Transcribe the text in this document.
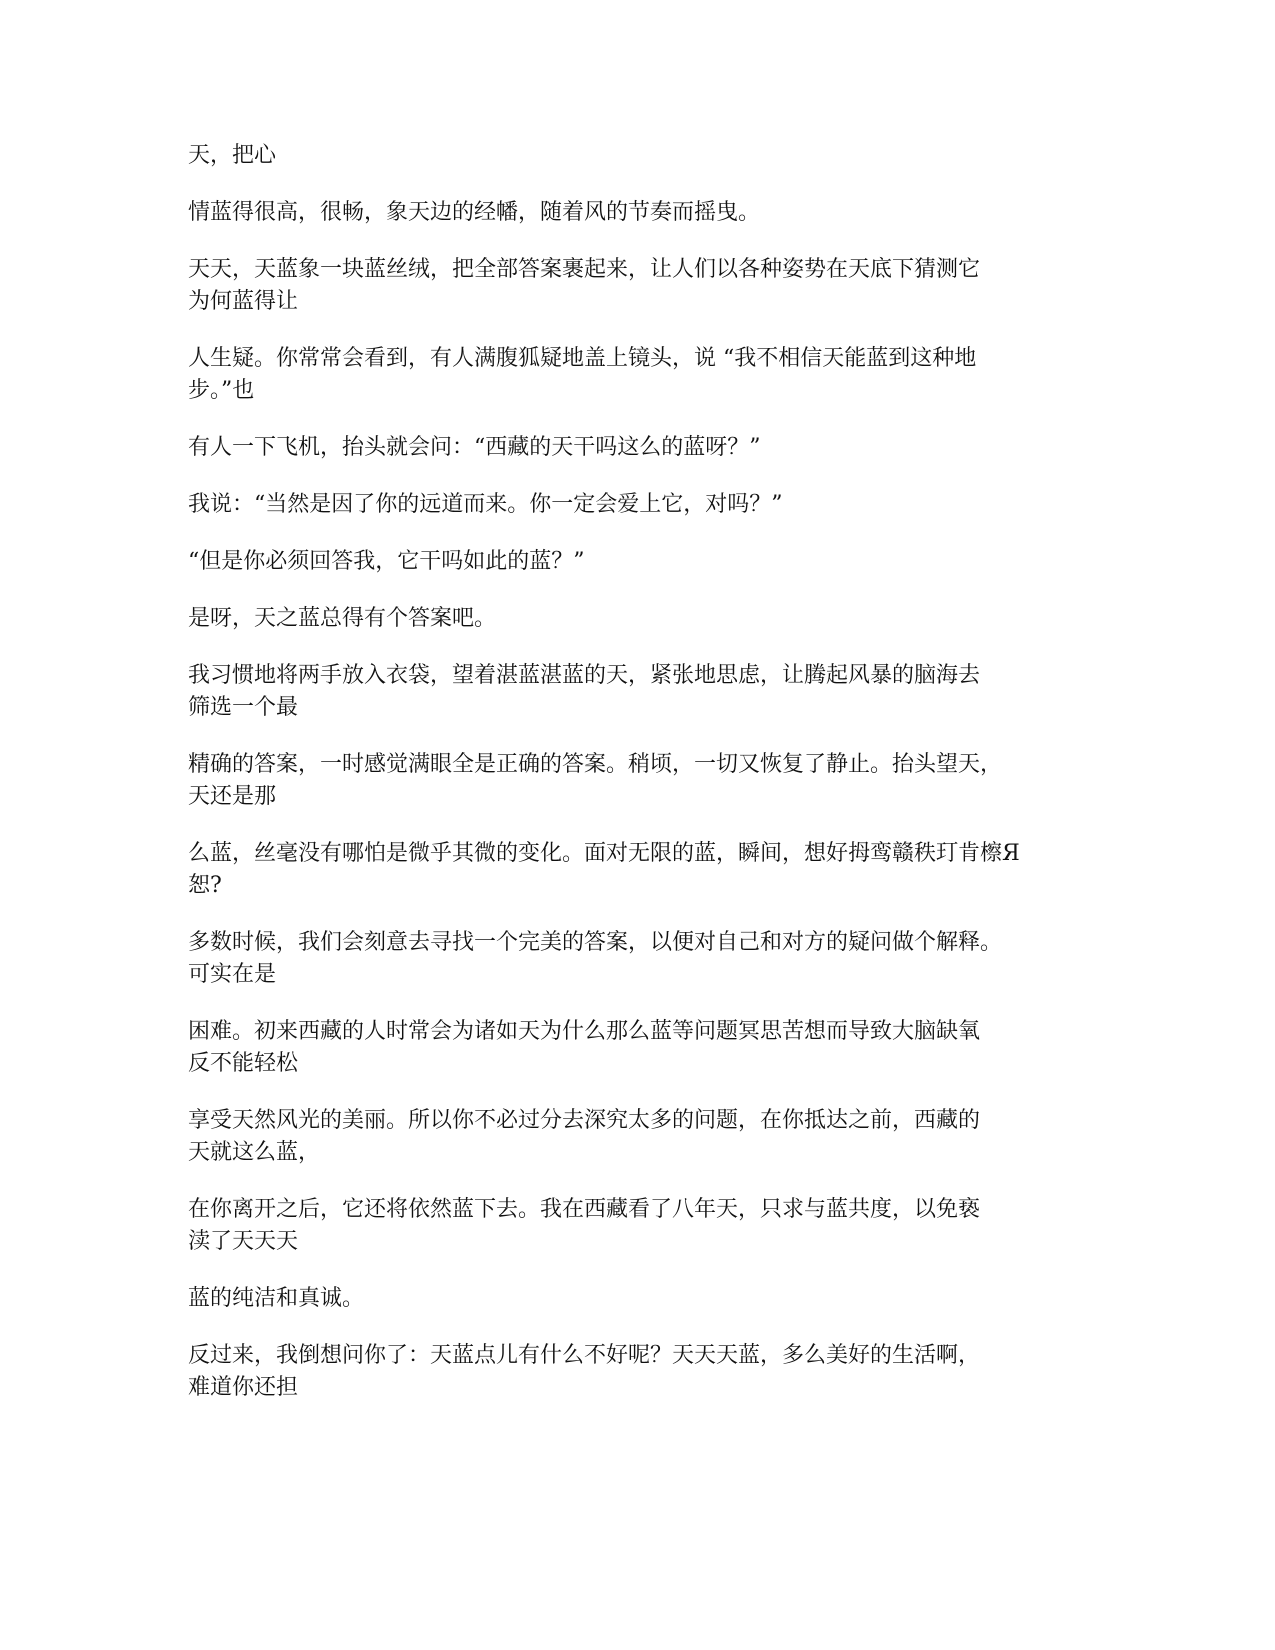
天，把心

情蓝得很高，很畅，象天边的经幡，随着风的节奏而摇曳。

天天，天蓝象一块蓝丝绒，把全部答案裹起来，让人们以各种姿势在天底下猜测它
为何蓝得让

人生疑。你常常会看到，有人满腹狐疑地盖上镜头，说 “我不相信天能蓝到这种地
步。”也

有人一下飞机，抬头就会问：“西藏的天干吗这么的蓝呀？”

我说：“当然是因了你的远道而来。你一定会爱上它，对吗？”

“但是你必须回答我，它干吗如此的蓝？”

是呀，天之蓝总得有个答案吧。

我习惯地将两手放入衣袋，望着湛蓝湛蓝的天，紧张地思虑，让腾起风暴的脑海去
筛选一个最

精确的答案，一时感觉满眼全是正确的答案。稍顷，一切又恢复了静止。抬头望天，
天还是那

么蓝，丝毫没有哪怕是微乎其微的变化。面对无限的蓝，瞬间，想好拇鸾赣秩玎肯檫Я
恕?

多数时候，我们会刻意去寻找一个完美的答案，以便对自己和对方的疑问做个解释。
可实在是

困难。初来西藏的人时常会为诸如天为什么那么蓝等问题冥思苦想而导致大脑缺氧
反不能轻松

享受天然风光的美丽。所以你不必过分去深究太多的问题，在你抵达之前，西藏的
天就这么蓝，

在你离开之后，它还将依然蓝下去。我在西藏看了八年天，只求与蓝共度，以免亵
渎了天天天

蓝的纯洁和真诚。

反过来，我倒想问你了：天蓝点儿有什么不好呢？天天天蓝，多么美好的生活啊，
难道你还担
